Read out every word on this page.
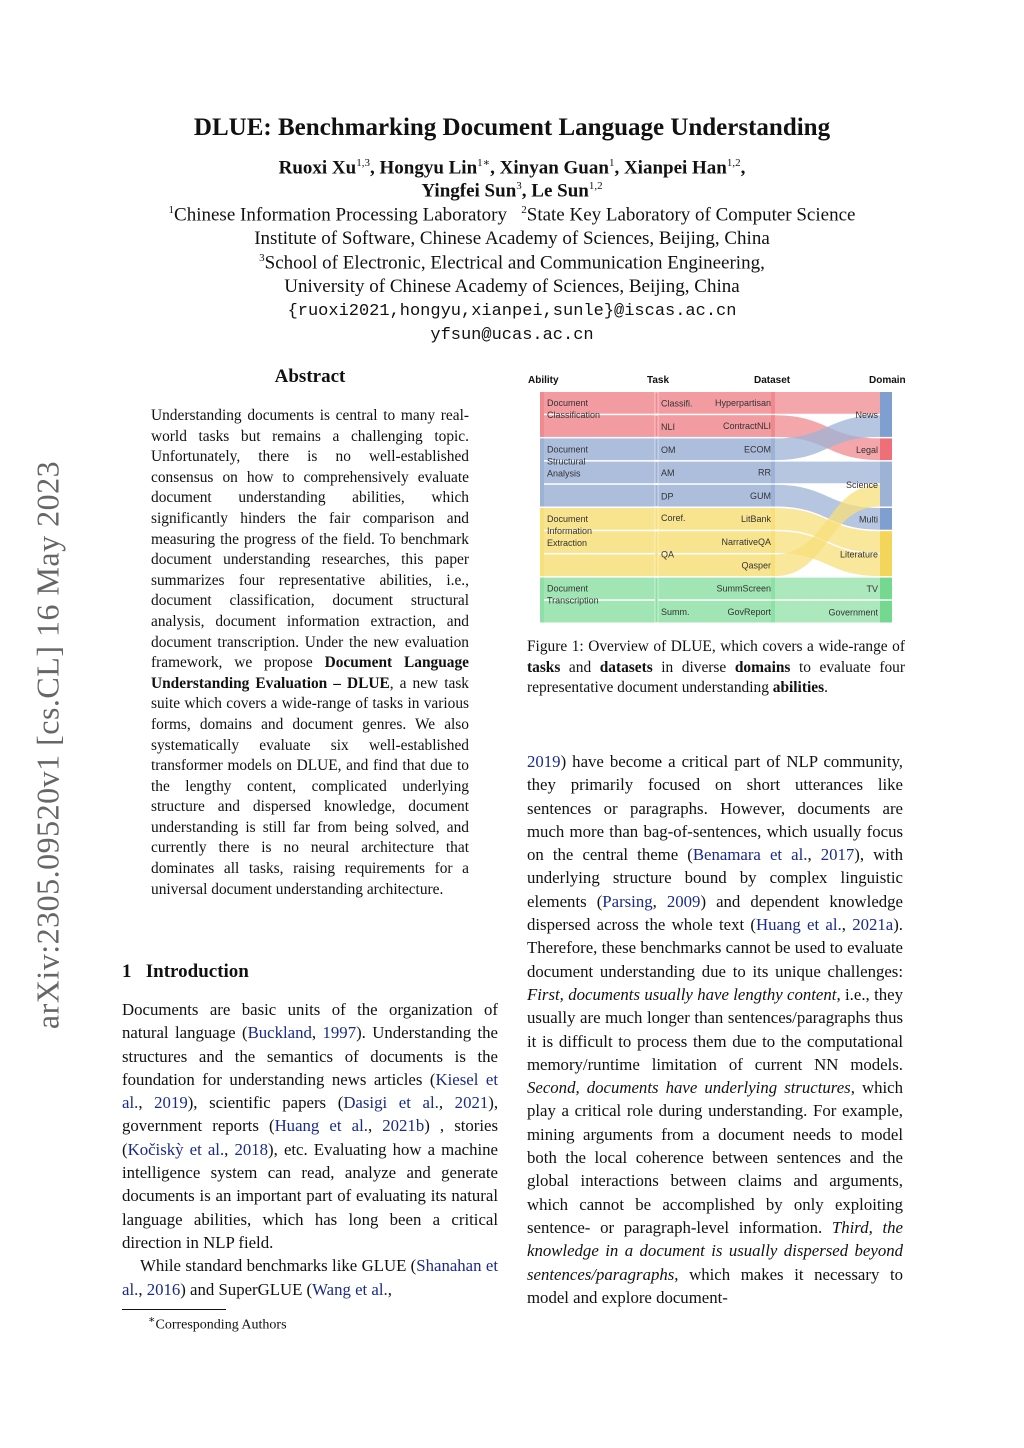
arXiv:2305.09520v1 [cs.CL] 16 May 2023
DLUE: Benchmarking Document Language Understanding
Ruoxi Xu$^{1,3}$, Hongyu Lin$^{1∗}$, Xinyan Guan$^1$, Xianpei Han$^{1,2}$,
Yingfei Sun$^3$, Le Sun$^{1,2}$
$^1$Chinese Information Processing Laboratory $^2$State Key Laboratory of Computer Science
Institute of Software, Chinese Academy of Sciences, Beijing, China
$^3$School of Electronic, Electrical and Communication Engineering,
University of Chinese Academy of Sciences, Beijing, China
{ruoxi2021,hongyu,xianpei,sunle}@iscas.ac.cn
yfsun@ucas.ac.cn
Abstract
Understanding documents is central to many real-world tasks but remains a challenging topic. Unfortunately, there is no well-established consensus on how to comprehensively evaluate document understanding abilities, which significantly hinders the fair comparison and measuring the progress of the field. To benchmark document understanding researches, this paper summarizes four representative abilities, i.e., document classification, document structural analysis, document information extraction, and document transcription. Under the new evaluation framework, we propose Document Language Understanding Evaluation – DLUE, a new task suite which covers a wide-range of tasks in various forms, domains and document genres. We also systematically evaluate six well-established transformer models on DLUE, and find that due to the lengthy content, complicated underlying structure and dispersed knowledge, document understanding is still far from being solved, and currently there is no neural architecture that dominates all tasks, raising requirements for a universal document understanding architecture.
1 Introduction

Documents are basic units of the organization of natural language (Buckland, 1997). Understanding the structures and the semantics of documents is the foundation for understanding news articles (Kiesel et al., 2019), scientific papers (Dasigi et al., 2021), government reports (Huang et al., 2021b) , stories (Kočiskỳ et al., 2018), etc. Evaluating how a machine intelligence system can read, analyze and generate documents is an important part of evaluating its natural language abilities, which has long been a critical direction in NLP field.

While standard benchmarks like GLUE (Shanahan et al., 2016) and SuperGLUE (Wang et al.,

∗Corresponding Authors
Ability	Task	Dataset	Domain
Document
Classification
Document
Structural
Analysis
Document
Information
Extraction
Document
Transcription
Classifi.
NLI
OM
AM
DP
Coref.
QA
Summ.
Hyperpartisan
ContractNLI
ECOM
RR
GUM
LitBank
NarrativeQA
Qasper
SummScreen
GovReport
News
Legal
Science
Multi
Literature
TV
Government
Figure 1: Overview of DLUE, which covers a wide-range of tasks and datasets in diverse domains to evaluate four representative document understanding abilities.

2019) have become a critical part of NLP community, they primarily focused on short utterances like sentences or paragraphs. However, documents are much more than bag-of-sentences, which usually focus on the central theme (Benamara et al., 2017), with underlying structure bound by complex linguistic elements (Parsing, 2009) and dependent knowledge dispersed across the whole text (Huang et al., 2021a). Therefore, these benchmarks cannot be used to evaluate document understanding due to its unique challenges: First, documents usually have lengthy content, i.e., they usually are much longer than sentences/paragraphs thus it is difficult to process them due to the computational memory/runtime limitation of current NN models. Second, documents have underlying structures, which play a critical role during understanding. For example, mining arguments from a document needs to model both the local coherence between sentences and the global interactions between claims and arguments, which cannot be accomplished by only exploiting sentence- or paragraph-level information. Third, the knowledge in a document is usually dispersed beyond sentences/paragraphs, which makes it necessary to model and explore document-
